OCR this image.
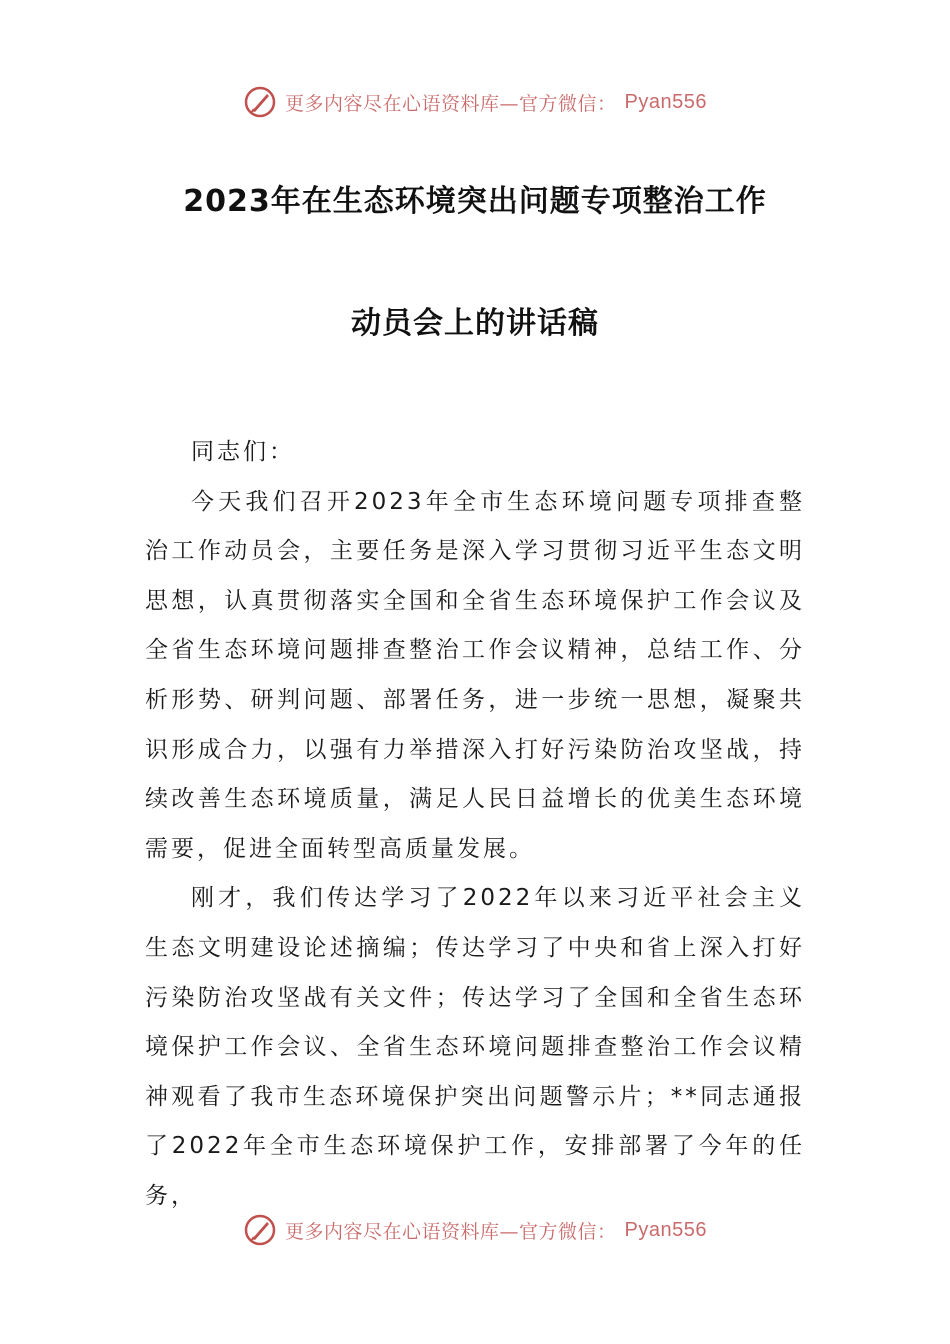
更多内容尽在心语资料库—官方微信： Pyan556
2023年在生态环境突出问题专项整治工作
动员会上的讲话稿

同志们：

今天我们召开2023年全市生态环境问题专项排查整治工作动员会，主要任务是深入学习贯彻习近平生态文明思想，认真贯彻落实全国和全省生态环境保护工作会议及全省生态环境问题排查整治工作会议精神，总结工作、分析形势、研判问题、部署任务，进一步统一思想，凝聚共识形成合力，以强有力举措深入打好污染防治攻坚战，持续改善生态环境质量，满足人民日益增长的优美生态环境需要，促进全面转型高质量发展。

刚才，我们传达学习了2022年以来习近平社会主义生态文明建设论述摘编；传达学习了中央和省上深入打好污染防治攻坚战有关文件；传达学习了全国和全省生态环境保护工作会议、全省生态环境问题排查整治工作会议精神观看了我市生态环境保护突出问题警示片；**同志通报了2022年全市生态环境保护工作，安排部署了今年的任务，

更多内容尽在心语资料库—官方微信： Pyan556
